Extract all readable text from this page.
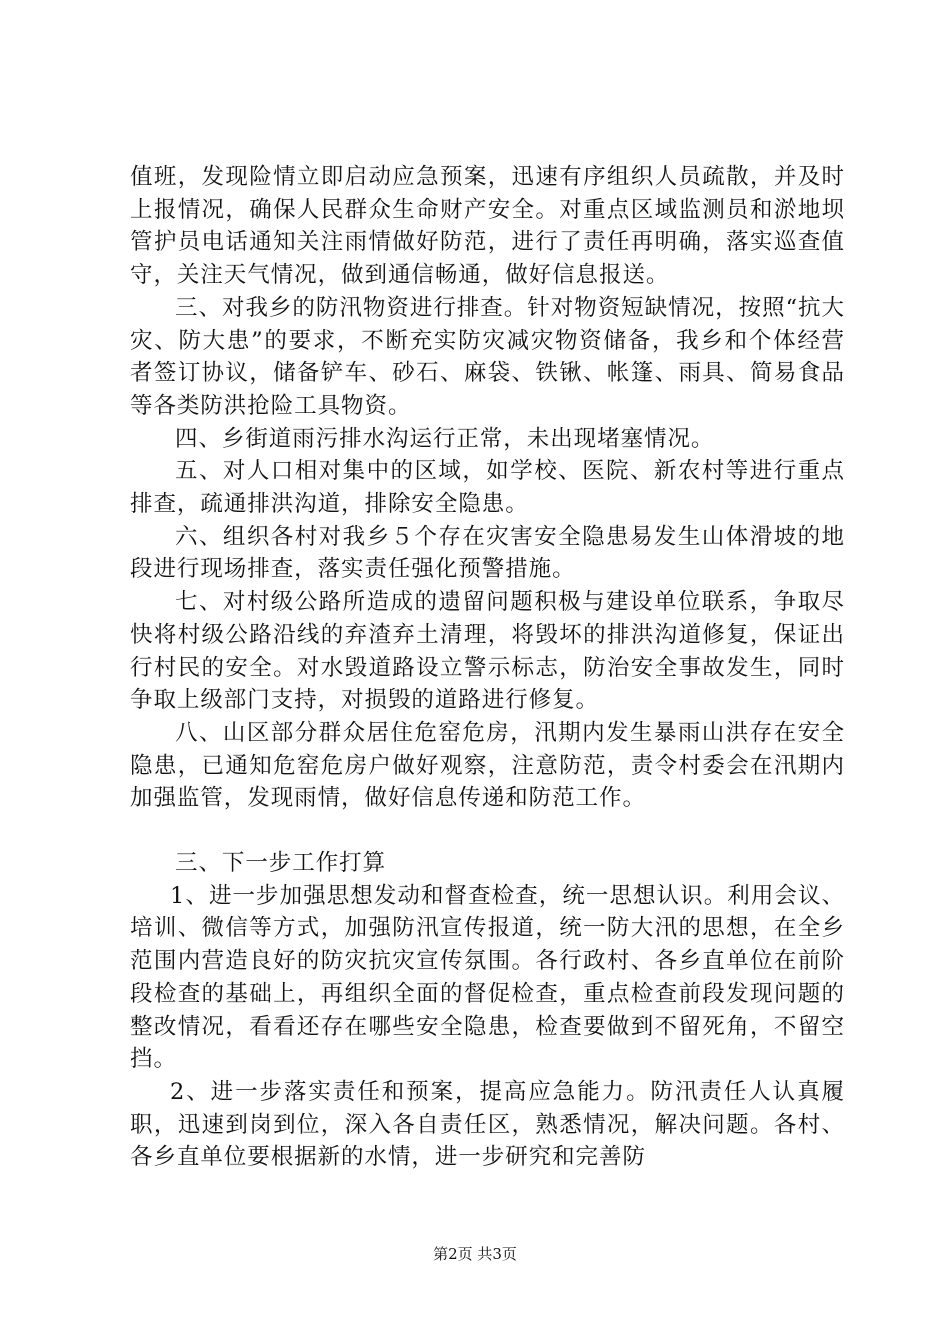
值班，发现险情立即启动应急预案，迅速有序组织人员疏散，并及时上报情况，确保人民群众生命财产安全。对重点区域监测员和淤地坝管护员电话通知关注雨情做好防范，进行了责任再明确，落实巡查值守，关注天气情况，做到通信畅通，做好信息报送。

三、对我乡的防汛物资进行排查。针对物资短缺情况，按照“抗大灾、防大患”的要求，不断充实防灾减灾物资储备，我乡和个体经营者签订协议，储备铲车、砂石、麻袋、铁锹、帐篷、雨具、简易食品等各类防洪抢险工具物资。

四、乡街道雨污排水沟运行正常，未出现堵塞情况。

五、对人口相对集中的区域，如学校、医院、新农村等进行重点排查，疏通排洪沟道，排除安全隐患。

六、组织各村对我乡５个存在灾害安全隐患易发生山体滑坡的地段进行现场排查，落实责任强化预警措施。

七、对村级公路所造成的遗留问题积极与建设单位联系，争取尽快将村级公路沿线的弃渣弃土清理，将毁坏的排洪沟道修复，保证出行村民的安全。对水毁道路设立警示标志，防治安全事故发生，同时争取上级部门支持，对损毁的道路进行修复。

八、山区部分群众居住危窑危房，汛期内发生暴雨山洪存在安全隐患，已通知危窑危房户做好观察，注意防范，责令村委会在汛期内加强监管，发现雨情，做好信息传递和防范工作。

三、下一步工作打算

1、进一步加强思想发动和督查检查，统一思想认识。利用会议、培训、微信等方式，加强防汛宣传报道，统一防大汛的思想，在全乡范围内营造良好的防灾抗灾宣传氛围。各行政村、各乡直单位在前阶段检查的基础上，再组织全面的督促检查，重点检查前段发现问题的整改情况，看看还存在哪些安全隐患，检查要做到不留死角，不留空挡。

2、进一步落实责任和预案，提高应急能力。防汛责任人认真履职，迅速到岗到位，深入各自责任区，熟悉情况，解决问题。各村、各乡直单位要根据新的水情，进一步研究和完善防

第2页 共3页
